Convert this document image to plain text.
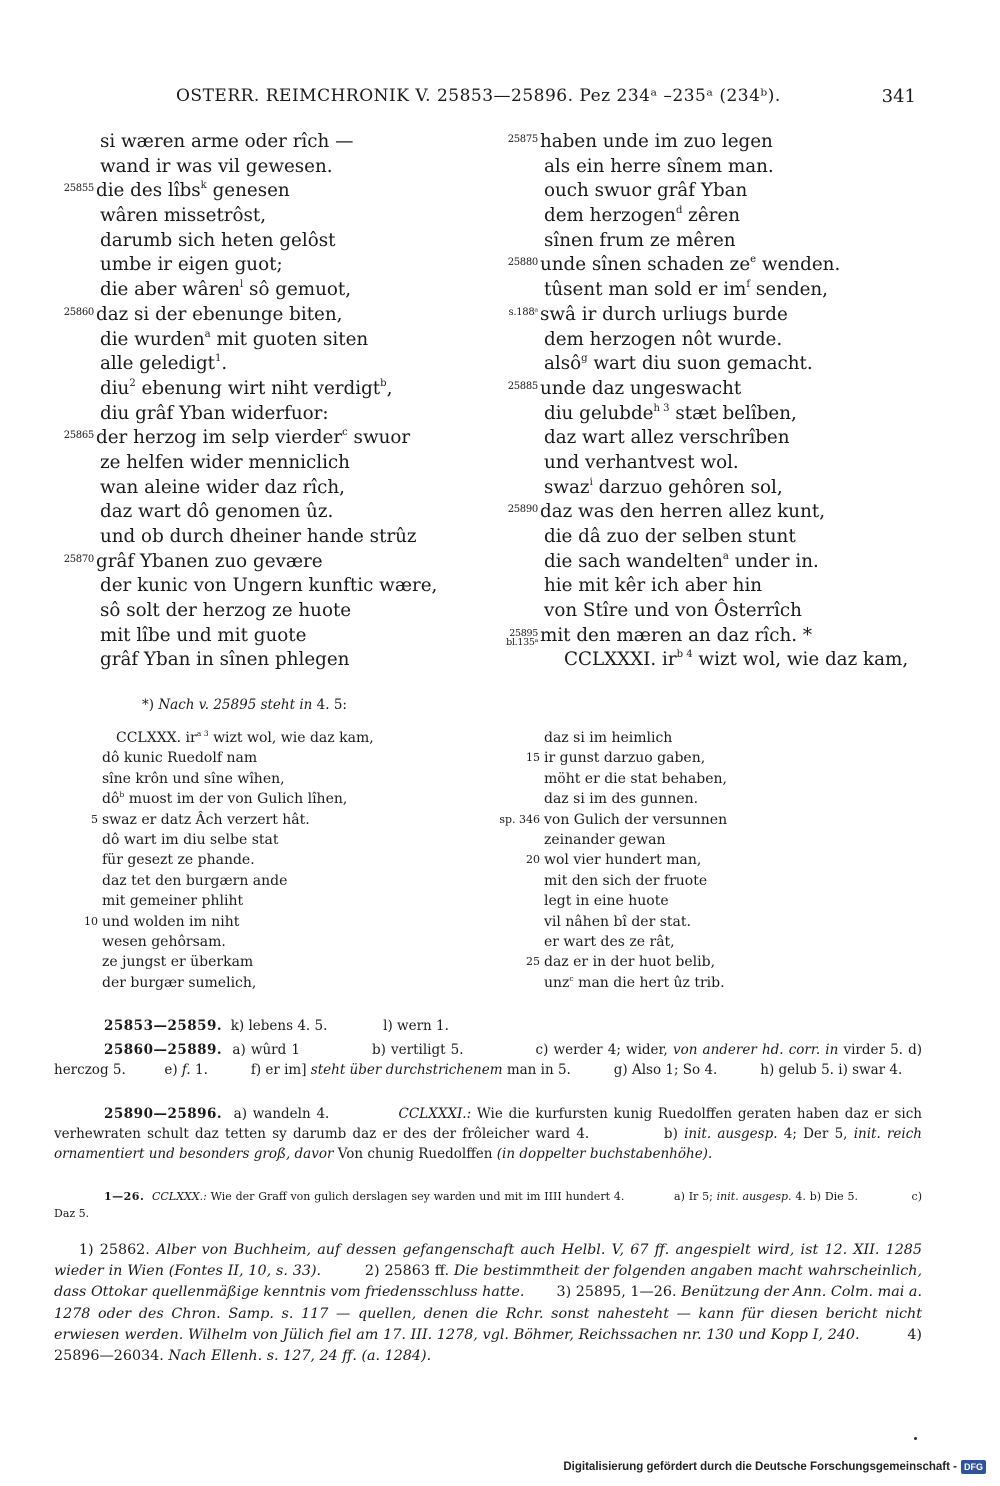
OSTERR. REIMCHRONIK V. 25853—25896. Pez 234ᵃ –235ᵃ (234ᵇ).	341
si wæren arme oder rîch —
wand ir was vil gewesen.
25855 die des lîbs$^k$ genesen
wâren missetrôst,
darumb sich heten gelôst
umbe ir eigen guot;
die aber wâren$^l$ sô gemuot,
25860 daz si der ebenunge biten,
die wurden$^a$ mit guoten siten
alle geledigt$^1$.
diu$^2$ ebenung wirt niht verdigt$^b$,
diu grâf Yban widerfuor:
25865 der herzog im selp vierder$^c$ swuor
ze helfen wider menniclich
wan aleine wider daz rîch,
daz wart dô genomen ûz.
und ob durch dheiner hande strûz
25870 grâf Ybanen zuo gevære
der kunic von Ungern kunftic wære,
sô solt der herzog ze huote
mit lîbe und mit guote
grâf Yban in sînen phlegen
25875 haben unde im zuo legen
als ein herre sînem man.
ouch swuor grâf Yban
dem herzogen$^d$ zêren
sînen frum ze mêren
25880 unde sînen schaden $ze^e$ wenden.
tûsent man sold er $im^f$ senden,
s.188ᵃ swâ ir durch urliugs burde
dem herzogen nôt wurde.
alsô$^g$ wart diu suon gemacht.
25885 unde daz ungeswacht
diu gelubde$^{h 3}$ stæt belîben,
daz wart allez verschrîben
und verhantvest wol.
swaz$^i$ darzuo gehôren sol,
25890 daz was den herren allez kunt,
die dâ zuo der selben stunt
die sach wandelten$^a$ under in.
hie mit kêr ich aber hin
von Stîre und von Ôsterrîch
25895
bl.135ᵃ mit den mæren an daz rîch. *
CCLXXXI. $ir^{b 4}$ wizt wol, wie daz kam,
*) Nach v. 25895 steht in 4. 5:
CCLXXX. $ir^{a 3}$ wizt wol, wie daz kam,
dô kunic Ruedolf nam
sîne krôn und sîne wîhen,
$dô^b$ muost im der von Gulich lîhen,
5 swaz er datz Âch verzert hât.
dô wart im diu selbe stat
für gesezt ze phande.
daz tet den burgærn ande
mit gemeiner phliht
10 und wolden im niht
wesen gehôrsam.
ze jungst er überkam
der burgær sumelich,
daz si im heimlich
15 ir gunst darzuo gaben,
möht er die stat behaben,
daz si im des gunnen.
sp. 346 von Gulich der versunnen
zeinander gewan
20 wol vier hundert man,
mit den sich der fruote
legt in eine huote
vil nâhen bî der stat.
er wart des ze rât,
25 daz er in der huot belib,
unz$^c$ man die hert ûz trib.
25853—25859.  k) lebens 4. 5.             l) wern 1.
25860—25889.  a) wûrd 1              b) vertiligt 5.              c) werder 4; wider, von anderer hd. corr. in virder 5. d) herczog 5.         e) f. 1.          f) er im] steht über durchstrichenem man in 5.          g) Also 1; So 4.          h) gelub 5. i) swar 4.
25890—25896.  a) wandeln 4.            CCLXXXI.: Wie die kurfursten kunig Ruedolffen geraten haben daz er sich verhewraten schult daz tetten sy darumb daz er des der frôleicher ward 4.            b) init. ausgesp. 4; Der 5, init. reich ornamentiert und besonders groß, davor Von chunig Ruedolffen (in doppelter buchstabenhöhe).
1—26. CCLXXX.: Wie der Graff von gulich derslagen sey warden und mit im IIII hundert 4.             a) Ir 5; init. ausgesp. 4. b) Die 5.              c) Daz 5.
1) 25862. Alber von Buchheim, auf dessen gefangenschaft auch Helbl. V, 67 ff. angespielt wird, ist 12. XII. 1285 wieder in Wien (Fontes II, 10, s. 33).         2) 25863 ff. Die bestimmtheit der folgenden angaben macht wahrscheinlich, dass Ottokar quellenmäßige kenntnis vom friedensschluss hatte.       3) 25895, 1—26. Benützung der Ann. Colm. mai a. 1278 oder des Chron. Samp. s. 117 — quellen, denen die Rchr. sonst nahesteht — kann für diesen bericht nicht erwiesen werden. Wilhelm von Jülich fiel am 17. III. 1278, vgl. Böhmer, Reichssachen nr. 130 und Kopp I, 240.          4) 25896—26034. Nach Ellenh. s. 127, 24 ff. (a. 1284).
Digitalisierung gefördert durch die Deutsche Forschungsgemeinschaft - DFG
